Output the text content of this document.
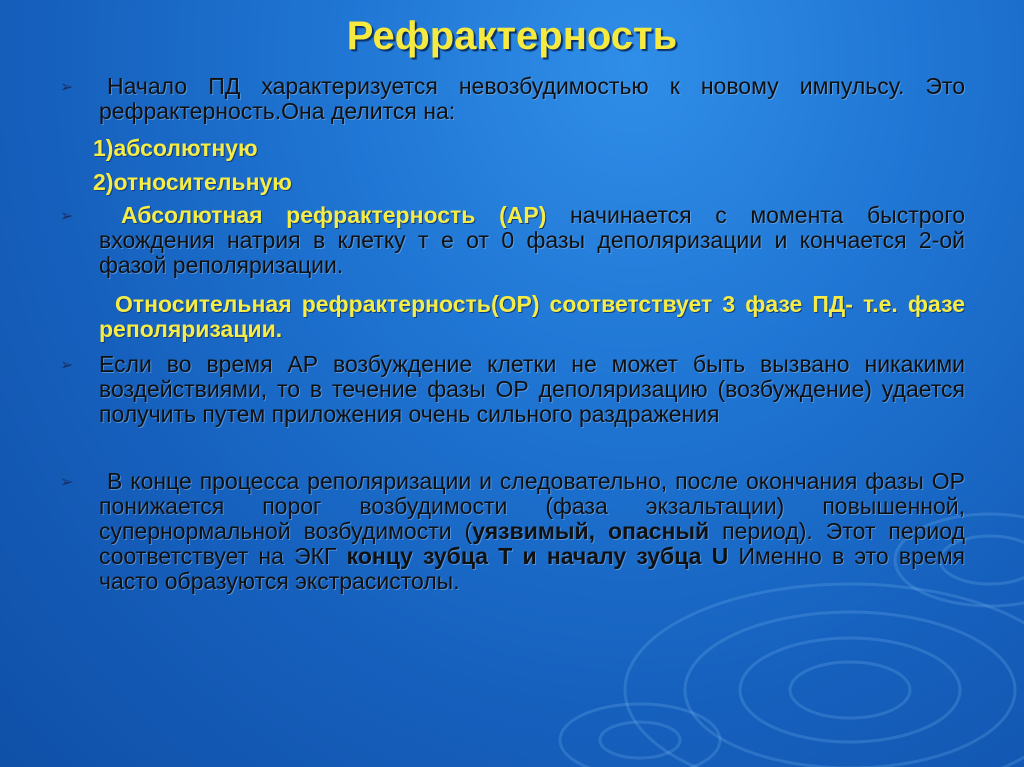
Рефрактерность
➢	Начало ПД характеризуется невозбудимостью к новому импульсу. Это рефрактерность.Она делится на:
1)абсолютную
2)относительную
➢	Абсолютная рефрактерность (АР) начинается с момента быстрого вхождения натрия в клетку т е от 0 фазы деполяризации и кончается 2-ой фазой реполяризации.
Относительная рефрактерность(ОР) соответствует 3 фазе ПД- т.е. фазе реполяризации.
➢ Если во время АР возбуждение клетки не может быть вызвано никакими воздействиями, то в течение фазы ОР деполяризацию (возбуждение) удается получить путем приложения очень сильного раздражения
➢	В конце процесса реполяризации и следовательно, после окончания фазы ОР понижается порог возбудимости (фаза экзальтации) повышенной, супернормальной возбудимости (уязвимый, опасный период). Этот период соответствует на ЭКГ концу зубца Т и началу зубца U Именно в это время часто образуются экстрасистолы.
